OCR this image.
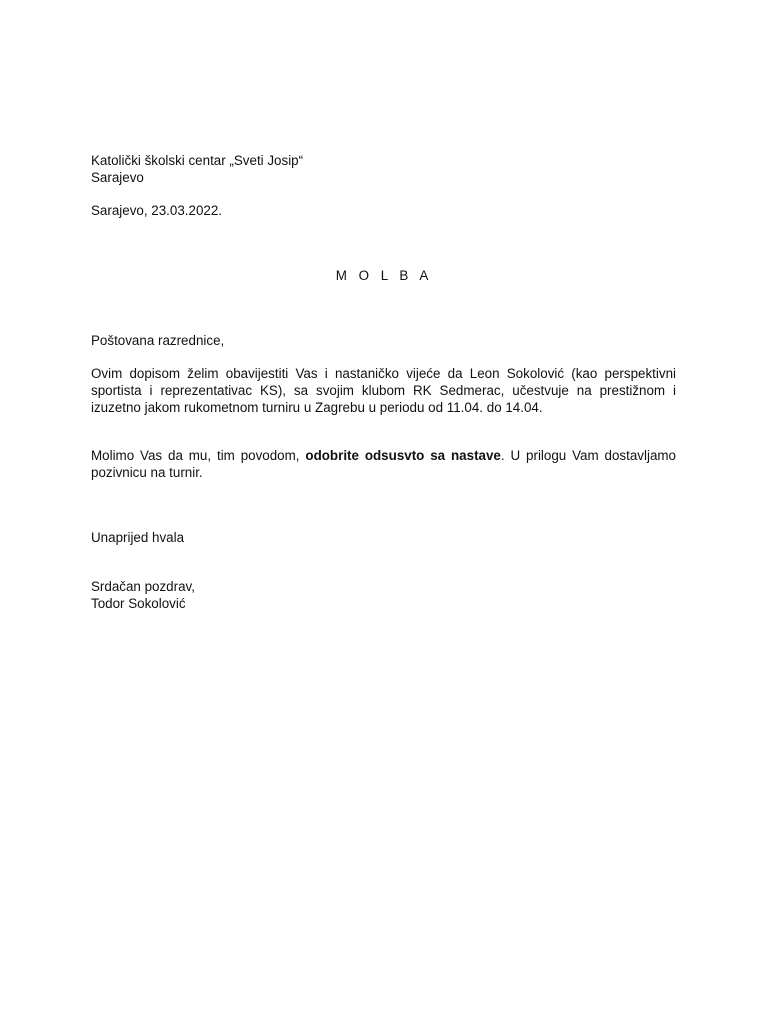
Katolički školski centar „Sveti Josip“
Sarajevo
Sarajevo, 23.03.2022.
M O L B A
Poštovana razrednice,
Ovim dopisom želim obavijestiti Vas i nastaničko vijeće da Leon Sokolović (kao perspektivni sportista i reprezentativac KS), sa svojim klubom RK Sedmerac, učestvuje na prestižnom i izuzetno jakom rukometnom turniru u Zagrebu u periodu od 11.04. do 14.04.
Molimo Vas da mu, tim povodom, odobrite odsusvto sa nastave. U prilogu Vam dostavljamo pozivnicu na turnir.
Unaprijed hvala
Srdačan pozdrav,
Todor Sokolović
